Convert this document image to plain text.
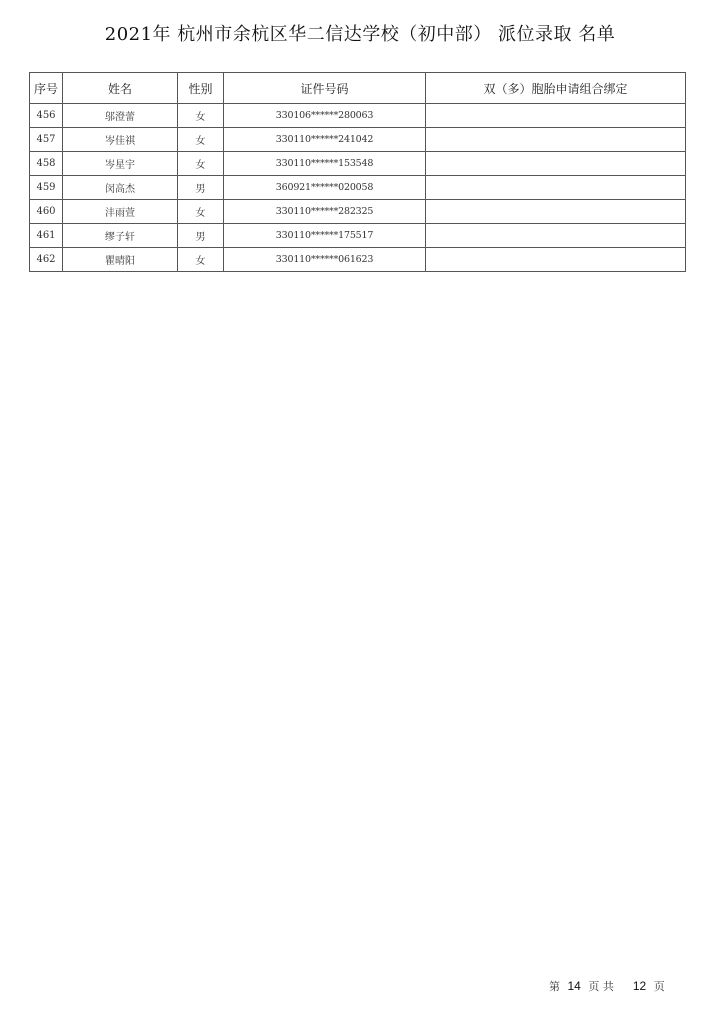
2021年 杭州市余杭区华二信达学校（初中部） 派位录取 名单
序号	姓名	性别	证件号码	双（多）胞胎申请组合绑定
456	邬澄蕾	女	330106******280063	
457	岑佳祺	女	330110******241042	
458	岑星宇	女	330110******153548	
459	闵高杰	男	360921******020058	
460	沣雨萱	女	330110******282325	
461	缪子轩	男	330110******175517	
462	瞿晴阳	女	330110******061623	
第 14 页 共 12 页
